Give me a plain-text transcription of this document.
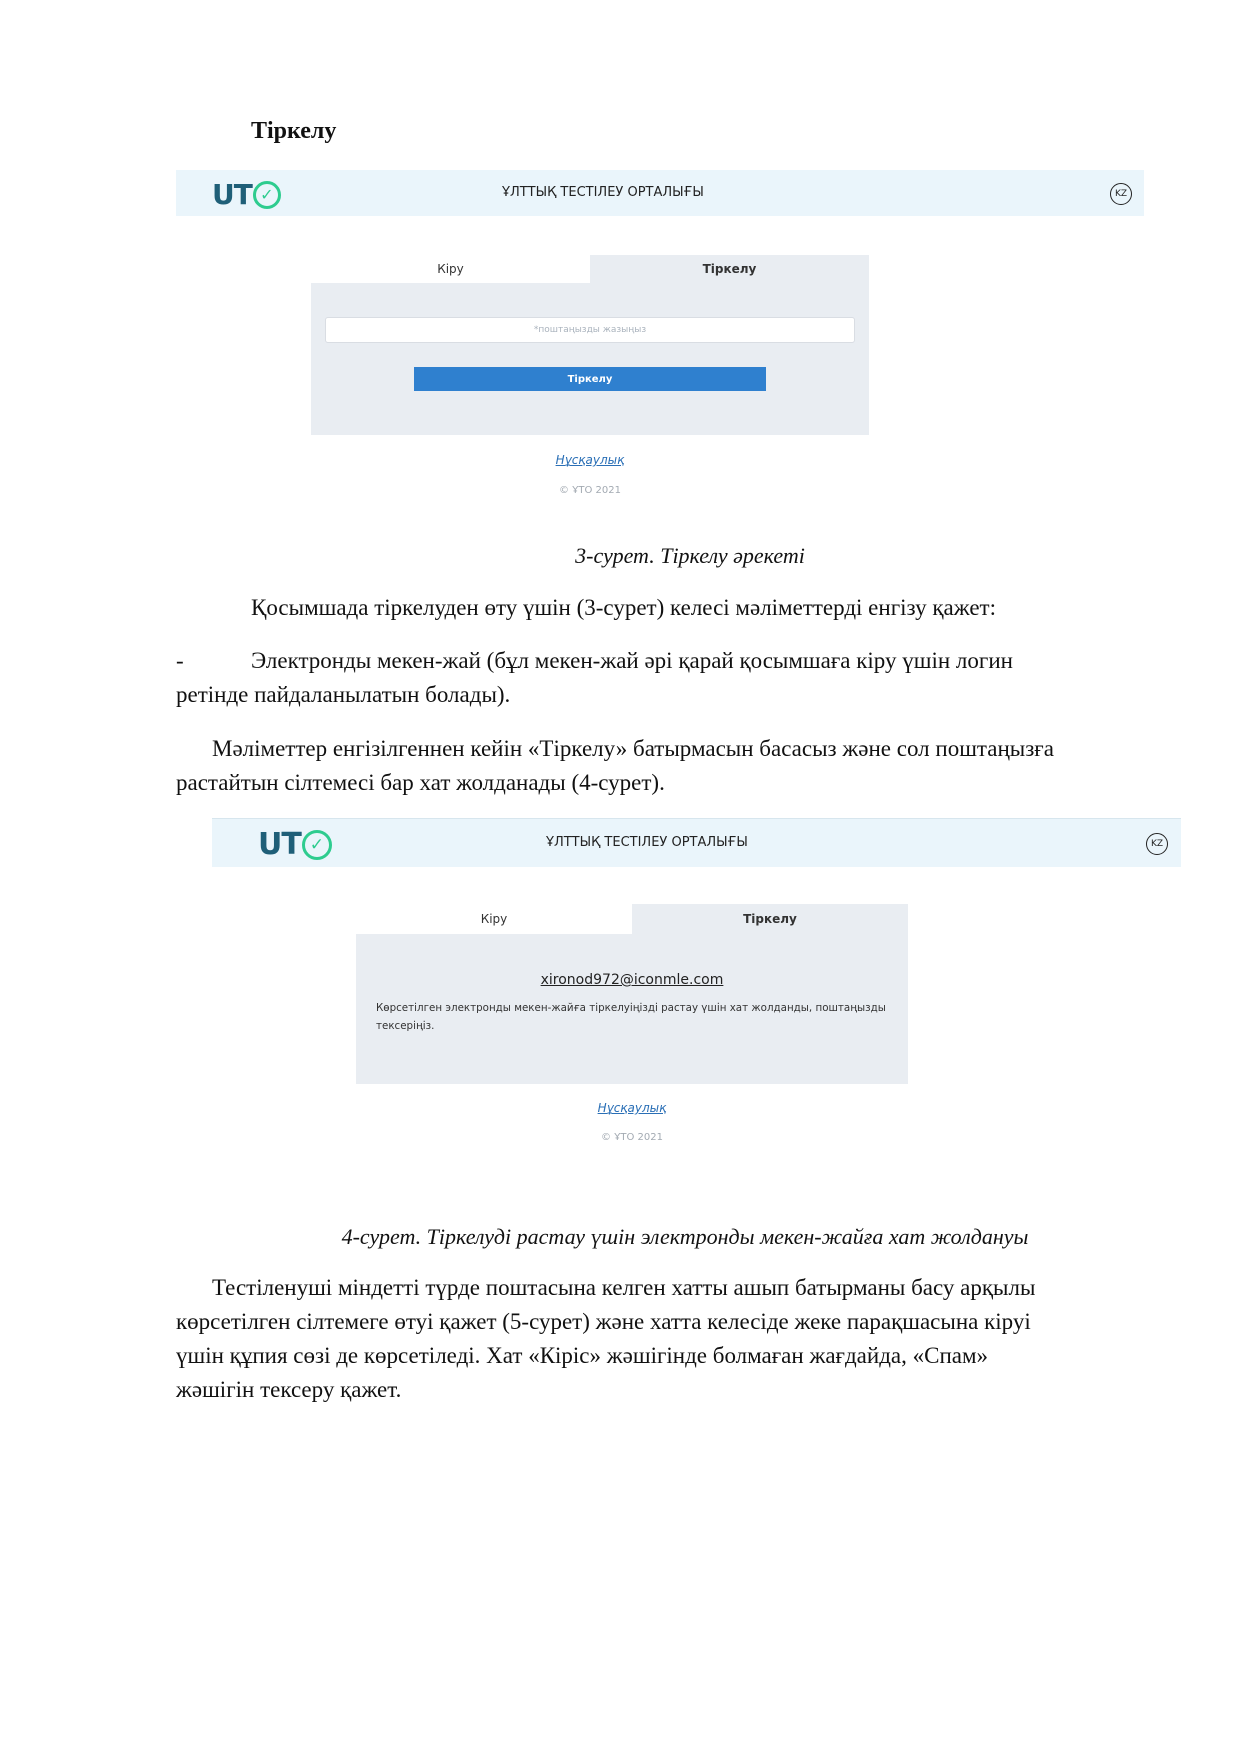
Тіркелу
UT ✓	ҰЛТТЫҚ ТЕСТІЛЕУ ОРТАЛЫҒЫ	KZ
Кіру	Тіркелу
*поштаңызды жазыңыз
Тіркелу
Нұсқаулық
© ҰТО 2021
3-сурет. Тіркелу әрекеті
Қосымшада тіркелуден өту үшін (3-сурет) келесі мәліметтерді енгізу қажет:
-	Электронды мекен-жай (бұл мекен-жай әрі қарай қосымшаға кіру үшін логин
ретінде пайдаланылатын болады).
Мәліметтер енгізілгеннен кейін «Тіркелу» батырмасын басасыз және сол поштаңызға
растайтын сілтемесі бар хат жолданады (4-сурет).
UT ✓	ҰЛТТЫҚ ТЕСТІЛЕУ ОРТАЛЫҒЫ	KZ
Кіру	Тіркелу
xironod972@iconmle.com
Көрсетілген электронды мекен-жайға тіркелуіңізді растау үшін хат жолданды, поштаңызды
тексеріңіз.
Нұсқаулық
© ҰТО 2021
4-сурет. Тіркелуді растау үшін электронды мекен-жайға хат жолдануы
Тестіленуші міндетті түрде поштасына келген хатты ашып батырманы басу арқылы
көрсетілген сілтемеге өтуі қажет (5-сурет) және хатта келесіде жеке парақшасына кіруі
үшін құпия сөзі де көрсетіледі. Хат «Кіріс» жәшігінде болмаған жағдайда, «Спам»
жәшігін тексеру қажет.
